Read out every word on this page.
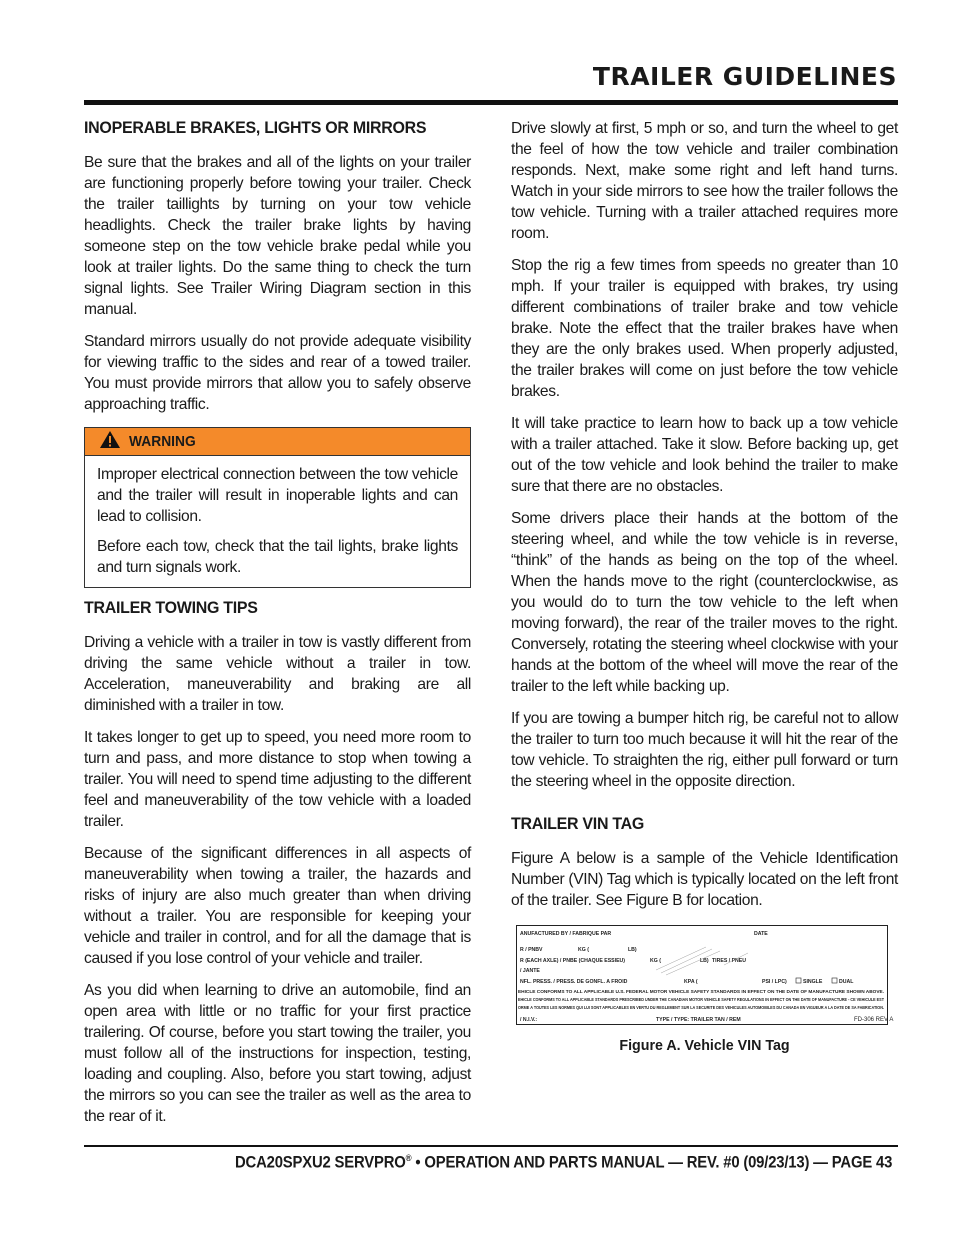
TRAILER GUIDELINES
INOPERABLE BRAKES, LIGHTS OR MIRRORS

Be sure that the brakes and all of the lights on your trailer are functioning properly before towing your trailer. Check the trailer taillights by turning on your tow vehicle headlights. Check the trailer brake lights by having someone step on the tow vehicle brake pedal while you look at trailer lights. Do the same thing to check the turn signal lights. See Trailer Wiring Diagram section in this manual.

Standard mirrors usually do not provide adequate visibility for viewing traffic to the sides and rear of a towed trailer. You must provide mirrors that allow you to safely observe approaching traffic.

WARNING

Improper electrical connection between the tow vehicle and the trailer will result in inoperable lights and can lead to collision.

Before each tow, check that the tail lights, brake lights and turn signals work.

TRAILER TOWING TIPS

Driving a vehicle with a trailer in tow is vastly different from driving the same vehicle without a trailer in tow. Acceleration, maneuverability and braking are all diminished with a trailer in tow.

It takes longer to get up to speed, you need more room to turn and pass, and more distance to stop when towing a trailer. You will need to spend time adjusting to the different feel and maneuverability of the tow vehicle with a loaded trailer.

Because of the significant differences in all aspects of maneuverability when towing a trailer, the hazards and risks of injury are also much greater than when driving without a trailer. You are responsible for keeping your vehicle and trailer in control, and for all the damage that is caused if you lose control of your vehicle and trailer.

As you did when learning to drive an automobile, find an open area with little or no traffic for your first practice trailering. Of course, before you start towing the trailer, you must follow all of the instructions for inspection, testing, loading and coupling. Also, before you start towing, adjust the mirrors so you can see the trailer as well as the area to the rear of it.

Drive slowly at first, 5 mph or so, and turn the wheel to get the feel of how the tow vehicle and trailer combination responds. Next, make some right and left hand turns. Watch in your side mirrors to see how the trailer follows the tow vehicle. Turning with a trailer attached requires more room.

Stop the rig a few times from speeds no greater than 10 mph. If your trailer is equipped with brakes, try using different combinations of trailer brake and tow vehicle brake. Note the effect that the trailer brakes have when they are the only brakes used. When properly adjusted, the trailer brakes will come on just before the tow vehicle brakes.

It will take practice to learn how to back up a tow vehicle with a trailer attached. Take it slow. Before backing up, get out of the tow vehicle and look behind the trailer to make sure that there are no obstacles.

Some drivers place their hands at the bottom of the steering wheel, and while the tow vehicle is in reverse, “think” of the hands as being on the top of the wheel. When the hands move to the right (counterclockwise, as you would do to turn the tow vehicle to the left when moving forward), the rear of the trailer moves to the right. Conversely, rotating the steering wheel clockwise with your hands at the bottom of the wheel will move the rear of the trailer to the left while backing up.

If you are towing a bumper hitch rig, be careful not to allow the trailer to turn too much because it will hit the rear of the tow vehicle. To straighten the rig, either pull forward or turn the steering wheel in the opposite direction.

TRAILER VIN TAG

Figure A below is a sample of the Vehicle Identification Number (VIN) Tag which is typically located on the left front of the trailer. See Figure B for location.

ANUFACTURED BY / FABRIQUE PAR	DATE
R / PNBV	KG (	LB)
R (EACH AXLE) / PNBE (CHAQUE ESSIEU)	KG (	LB) TIRES / PNEU
/ JANTE
NFL. PRESS. / PRESS. DE GONFL. A FROID	KPA (	PSI / LPC)	SINGLE	DUAL
EHICLE CONFORMS TO ALL APPLICABLE U.S. FEDERAL MOTOR VEHICLE SAFETY STANDARDS IN EFFECT ON THE DATE OF MANUFACTURE SHOWN ABOVE.
EHICLE CONFORMS TO ALL APPLICABLE STANDARDS PRESCRIBED UNDER THE CANADIAN MOTOR VEHICLE SAFETY REGULATIONS IN EFFECT ON THE DATE OF MANUFACTURE - CE VEHICULE EST
ORME A TOUTES LES NORMES QUI LUI SONT APPLICABLES EN VERTU DU REGLEMENT SUR LA SECURITE DES VEHICULES AUTOMOBILES DU CANADA EN VIGUEUR A LA DATE DE SA FABRICATION.
/ N.I.V.:	TYPE / TYPE: TRAILER TAN / REM	FD-306 REV A
Figure A. Vehicle VIN Tag

DCA20SPXU2 SERVPRO® • OPERATION AND PARTS MANUAL — REV. #0 (09/23/13) — PAGE 43
